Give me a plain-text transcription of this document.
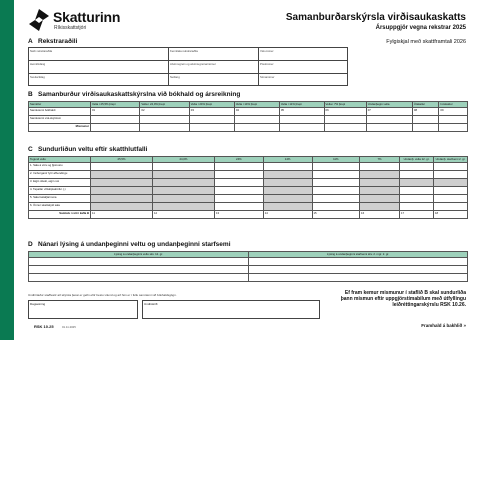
Skatturinn
Ríkisskattstjóri
Samanburðarskýrsla virðisaukaskatts
Ársuppgjör vegna rekstrar 2025
A Rekstraraðili	Fylgiskjal með skattframtali 2026
Nafn rekstraraðila	Kennitala rekstraraðila	Vsk-númer
Heimilisfang	Atvinnugrein og atvinnugreinarnúmer	Póstnúmer
Sveitarfélag	Netfang	Símanúmer
B Samanburður virðisaukaskattskýrslna við bókhald og ársreikning
Samtölur	Velta í 25,5% þrepi	Velta í 24,0% þrepi	Velta í 24% þrepi	Velta í 14% þrepi	Velta í 11% þrepi	Velta í 7% þrepi	Undanþegin velta	Útskattur	Innskattur
Samkvæmt bókhaldi	01	02	03	04	05	06	07	08	09
Samkvæmt vsk-skýrslum									
Mismunur									
C Sundurliðun veltu eftir skatthlutfalli
Tegund veltu	25,5%	24,0%	24%	14%	11%	7%	Undanþ. velta 12. gr.	Undanþ. starfsemi 2. gr.
1. Sala á vöru og þjónustu								
2. Innborganir fyrir afhendingu								
3. Eigin úttekt, eigin not								
4. Tapaðar viðskiptakröfur (-)								
5. Sala fastafjármuna								
6. Önnur skattskyld sala								
Samtals í reiti í kafla B	11	12	13	14	15	16	17	18
D Nánari lýsing á undanþeginni veltu og undanþeginni starfsemi
Lýsing á undanþeginni veltu skv. 12. gr.	Lýsing á undanþeginni starfsemi skv. 2. mgr. 2. gr.

Undirritaður staðfestir að skýrsla þessi er gefin eftir bestu vitund og að hún er í fullu samræmi við bókhaldsgögn.
Dagsetning	Undirskrift
Ef fram kemur mismunur í staflið B skal sundurliða þann mismun eftir uppgjörstímabilum með útfyllingu leiðréttingarskýrslu RSK 10.26.
RSK 10.25	01.11.2025	Framhald á bakhlið »
